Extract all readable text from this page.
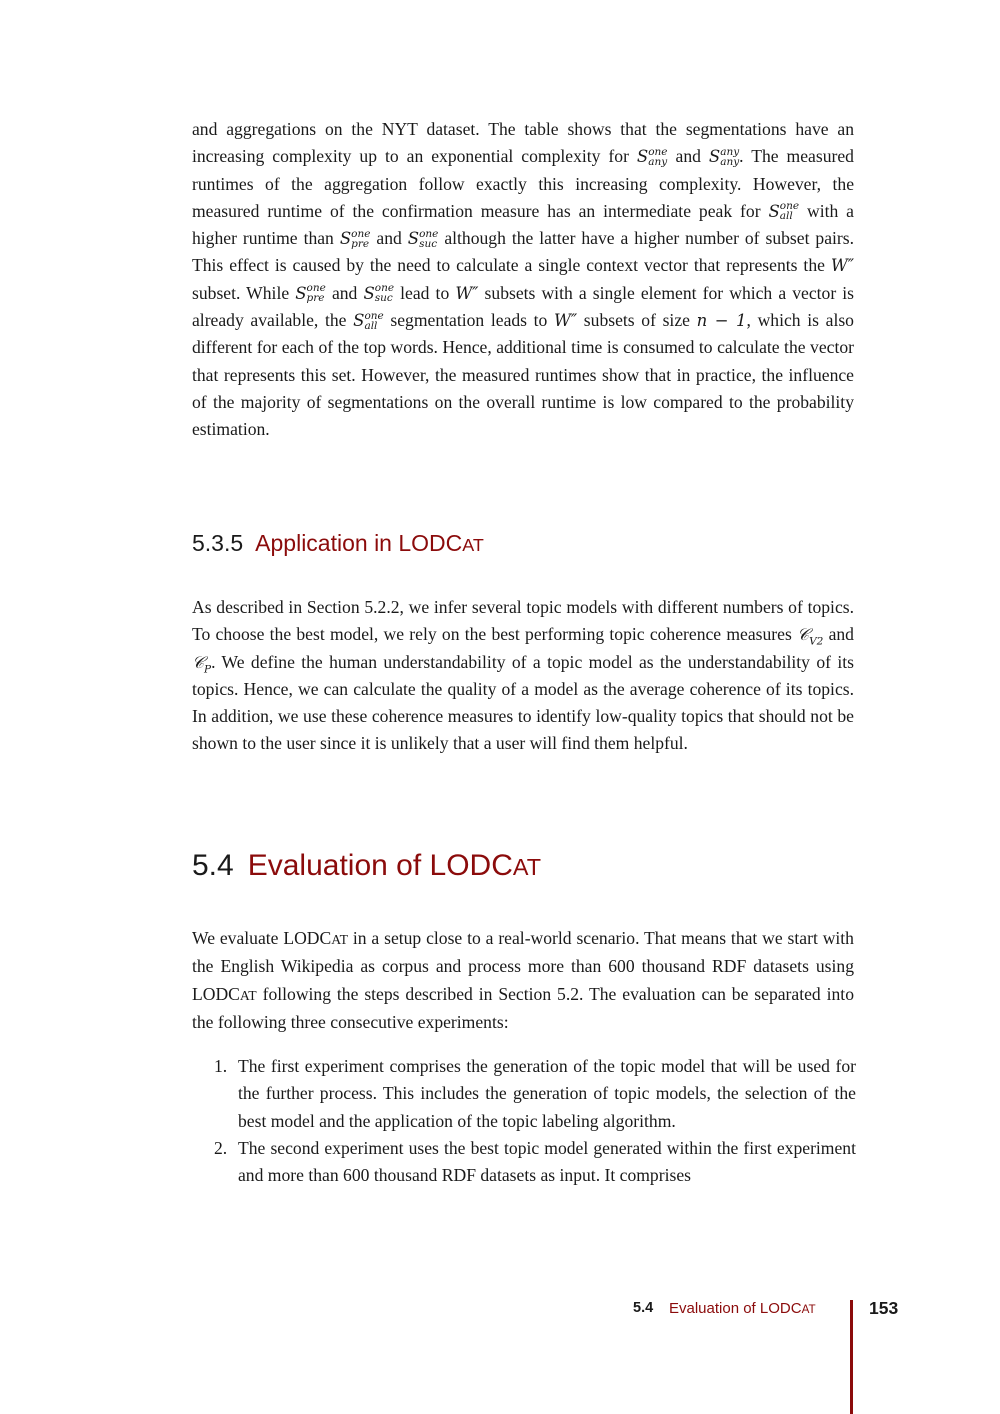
and aggregations on the NYT dataset. The table shows that the segmentations have an increasing complexity up to an exponential complexity for S one
any and S any
any . The measured runtimes of the aggregation follow exactly this increasing complexity. However, the measured runtime of the confirmation measure has an intermediate peak for S one
all with a higher runtime than S one
pre and S one
suc although the latter have a higher number of subset pairs. This effect is caused by the need to calculate a single context vector that represents the W″ subset. While S one
pre and S one
suc lead to W″ subsets with a single element for which a vector is already available, the S one
all segmentation leads to W″ subsets of size n − 1, which is also different for each of the top words. Hence, additional time is consumed to calculate the vector that represents this set. However, the measured runtimes show that in practice, the influence of the majority of segmentations on the overall runtime is low compared to the probability estimation.

5.3.5 Application in LODCAT

As described in Section 5.2.2, we infer several topic models with different numbers of topics. To choose the best model, we rely on the best performing topic coherence measures 𝒞$_{V2}$ and 𝒞$_P$. We define the human understandability of a topic model as the understandability of its topics. Hence, we can calculate the quality of a model as the average coherence of its topics. In addition, we use these coherence measures to identify low-quality topics that should not be shown to the user since it is unlikely that a user will find them helpful.

5.4 Evaluation of LODCAT

We evaluate LODCAT in a setup close to a real-world scenario. That means that we start with the English Wikipedia as corpus and process more than 600 thousand RDF datasets using LODCAT following the steps described in Section 5.2. The evaluation can be separated into the following three consecutive experiments:

1. The first experiment comprises the generation of the topic model that will be used for the further process. This includes the generation of topic models, the selection of the best model and the application of the topic labeling algorithm.
2. The second experiment uses the best topic model generated within the first experiment and more than 600 thousand RDF datasets as input. It comprises
5.4 Evaluation of LODCAT	153
